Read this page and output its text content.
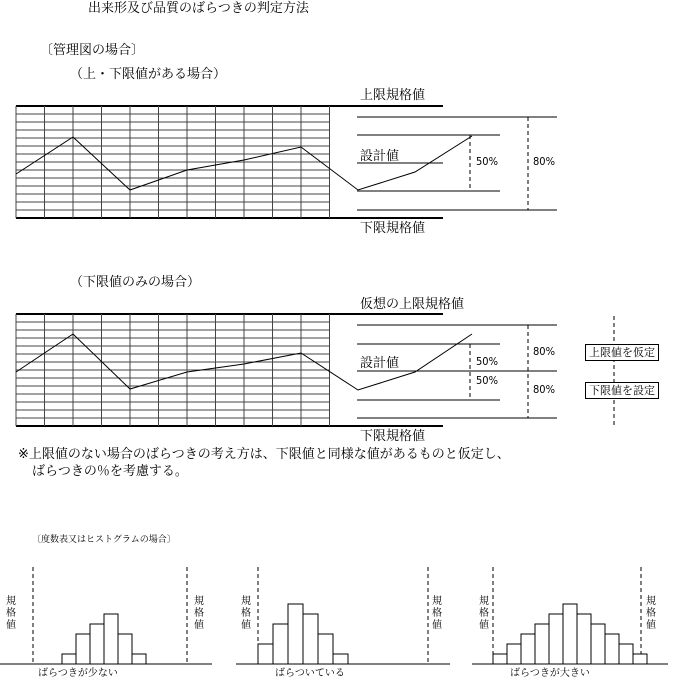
出来形及び品質のばらつきの判定方法
〔管理図の場合〕
（上・下限値がある場合）
上限規格値
設計値
下限規格値
50%	80%
（下限値のみの場合）
仮想の上限規格値
設計値
下限規格値
50%
50%
80%
80%
上限値を仮定
下限値を設定
※上限値のない場合のばらつきの考え方は、下限値と同様な値があるものと仮定し、
ばらつきの％を考慮する。
〔度数表又はヒストグラムの場合〕
規
格
値
規
格
値
規
格
値
規
格
値
規
格
値
規
格
値
ばらつきが少ない	ばらついている	ばらつきが大きい
